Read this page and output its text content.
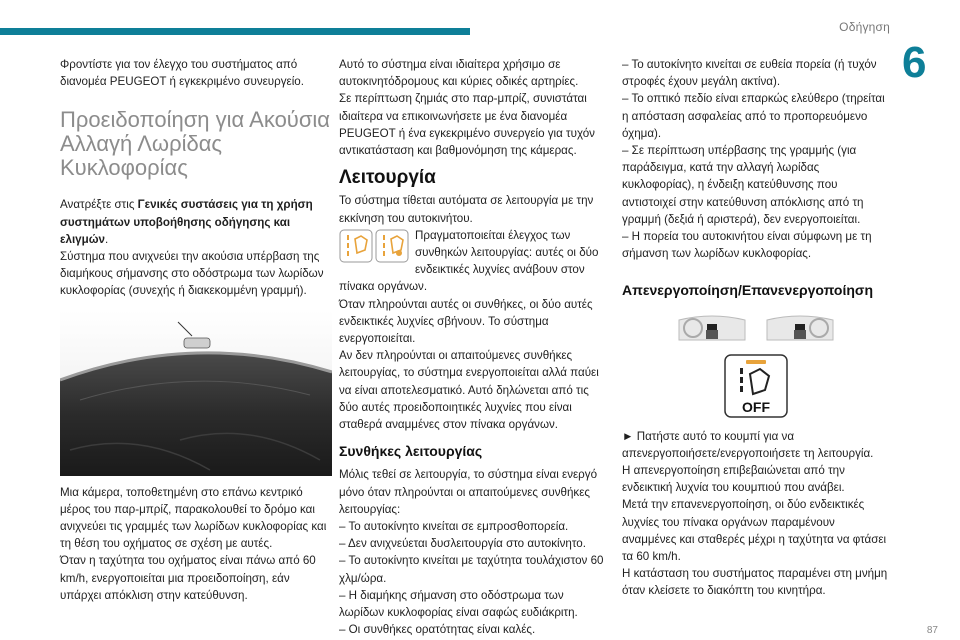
Οδήγηση
6
87

Φροντίστε για τον έλεγχο του συστήματος από διανομέα PEUGEOT ή εγκεκριμένο συνευργείο.

Προειδοποίηση για Ακούσια Αλλαγή Λωρίδας Κυκλοφορίας

Ανατρέξτε στις Γενικές συστάσεις για τη χρήση συστημάτων υποβοήθησης οδήγησης και ελιγμών.

Σύστημα που ανιχνεύει την ακούσια υπέρβαση της διαμήκους σήμανσης στο οδόστρωμα των λωρίδων κυκλοφορίας (συνεχής ή διακεκομμένη γραμμή).

Μια κάμερα, τοποθετημένη στο επάνω κεντρικό μέρος του παρ-μπρίζ, παρακολουθεί το δρόμο και ανιχνεύει τις γραμμές των λωρίδων κυκλοφορίας και τη θέση του οχήματος σε σχέση με αυτές.

Όταν η ταχύτητα του οχήματος είναι πάνω από 60 km/h, ενεργοποιείται μια προειδοποίηση, εάν υπάρχει απόκλιση στην κατεύθυνση.

Αυτό το σύστημα είναι ιδιαίτερα χρήσιμο σε αυτοκινητόδρομους και κύριες οδικές αρτηρίες.

Σε περίπτωση ζημιάς στο παρ-μπρίζ, συνιστάται ιδιαίτερα να επικοινωνήσετε με ένα διανομέα PEUGEOT ή ένα εγκεκριμένο συνεργείο για τυχόν αντικατάσταση και βαθμονόμηση της κάμερας.

Λειτουργία

Το σύστημα τίθεται αυτόματα σε λειτουργία με την εκκίνηση του αυτοκινήτου.

Πραγματοποιείται έλεγχος των συνθηκών λειτουργίας: αυτές οι δύο ενδεικτικές λυχνίες ανάβουν στον πίνακα οργάνων.

Όταν πληρούνται αυτές οι συνθήκες, οι δύο αυτές ενδεικτικές λυχνίες σβήνουν. Το σύστημα ενεργοποιείται.

Αν δεν πληρούνται οι απαιτούμενες συνθήκες λειτουργίας, το σύστημα ενεργοποιείται αλλά παύει να είναι αποτελεσματικό. Αυτό δηλώνεται από τις δύο αυτές προειδοποιητικές λυχνίες που είναι σταθερά αναμμένες στον πίνακα οργάνων.

Συνθήκες λειτουργίας

Μόλις τεθεί σε λειτουργία, το σύστημα είναι ενεργό μόνο όταν πληρούνται οι απαιτούμενες συνθήκες λειτουργίας:

– Το αυτοκίνητο κινείται σε εμπροσθοπορεία.
– Δεν ανιχνεύεται δυσλειτουργία στο αυτοκίνητο.
– Το αυτοκίνητο κινείται με ταχύτητα τουλάχιστον 60 χλμ/ώρα.
– Η διαμήκης σήμανση στο οδόστρωμα των λωρίδων κυκλοφορίας είναι σαφώς ευδιάκριτη.
– Οι συνθήκες ορατότητας είναι καλές.
– Το αυτοκίνητο κινείται σε ευθεία πορεία (ή τυχόν στροφές έχουν μεγάλη ακτίνα).
– Το οπτικό πεδίο είναι επαρκώς ελεύθερο (τηρείται η απόσταση ασφαλείας από το προπορευόμενο όχημα).
– Σε περίπτωση υπέρβασης της γραμμής (για παράδειγμα, κατά την αλλαγή λωρίδας κυκλοφορίας), η ένδειξη κατεύθυνσης που αντιστοιχεί στην κατεύθυνση απόκλισης από τη γραμμή (δεξιά ή αριστερά), δεν ενεργοποιείται.
– Η πορεία του αυτοκινήτου είναι σύμφωνη με τη σήμανση των λωρίδων κυκλοφορίας.
Απενεργοποίηση/Επανενεργοποίηση
OFF

► Πατήστε αυτό το κουμπί για να απενεργοποιήσετε/ενεργοποιήσετε τη λειτουργία.

Η απενεργοποίηση επιβεβαιώνεται από την ενδεικτική λυχνία του κουμπιού που ανάβει.

Μετά την επανενεργοποίηση, οι δύο ενδεικτικές λυχνίες του πίνακα οργάνων παραμένουν αναμμένες και σταθερές μέχρι η ταχύτητα να φτάσει τα 60 km/h.

Η κατάσταση του συστήματος παραμένει στη μνήμη όταν κλείσετε το διακόπτη του κινητήρα.
